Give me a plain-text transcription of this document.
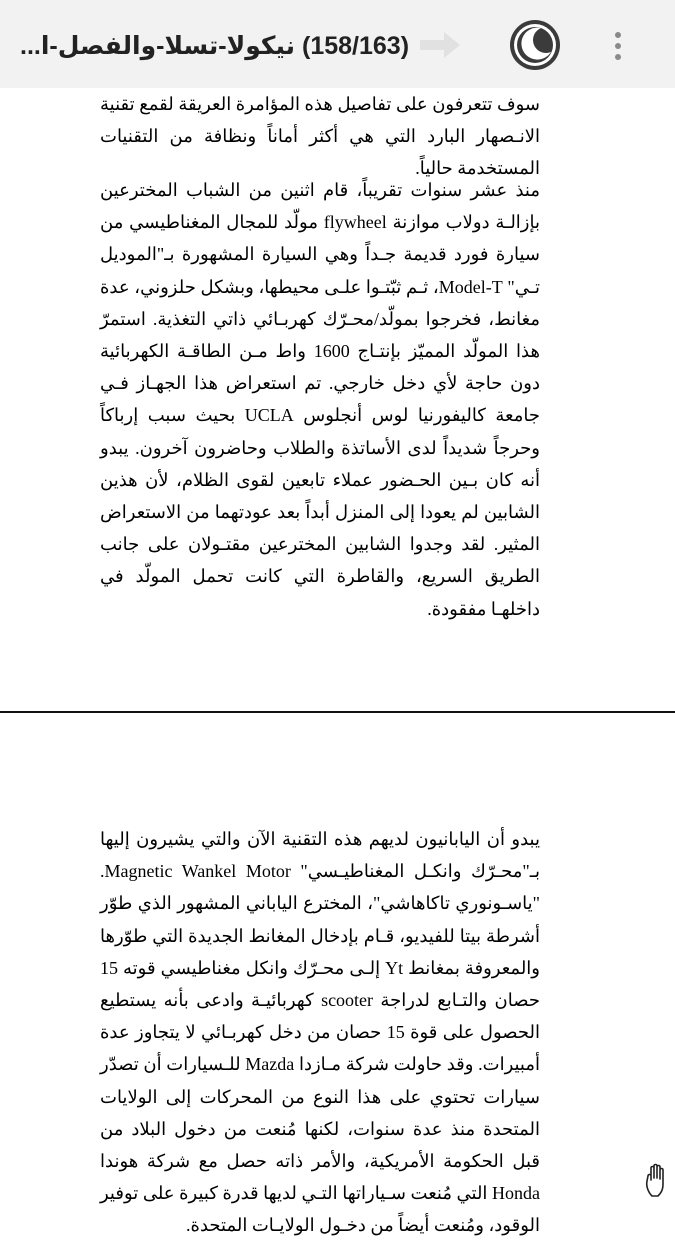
(158/163) نيكولا-تسلا-والفصل-ا...

سوف تتعرفون على تفاصيل هذه المؤامرة العريقة لقمع تقنية الانـصهار البارد التي هي أكثر أماناً ونظافة من التقنيات المستخدمة حالياً.

منذ عشر سنوات تقريباً، قام اثنين من الشباب المخترعين بإزالـة دولاب موازنة flywheel مولّد للمجال المغناطيسي من سيارة فورد قديمة جـداً وهي السيارة المشهورة بـ"الموديل تـي" Model-T، ثـم ثبّتـوا علـى محيطها، وبشكل حلزوني، عدة مغانط، فخرجوا بمولّد/محـرّك كهربـائي ذاتي التغذية. استمرّ هذا المولّد المميّز بإنتـاج 1600 واط مـن الطاقـة الكهربائية دون حاجة لأي دخل خارجي. تم استعراض هذا الجهـاز فـي جامعة كاليفورنيا لوس أنجلوس UCLA بحيث سبب إرباكاً وحرجاً شديداً لدى الأساتذة والطلاب وحاضرون آخرون. يبدو أنه كان بـين الحـضور عملاء تابعين لقوى الظلام، لأن هذين الشابين لم يعودا إلى المنزل أبداً بعد عودتهما من الاستعراض المثير. لقد وجدوا الشابين المخترعين مقتـولان على جانب الطريق السريع، والقاطرة التي كانت تحمل المولّد في داخلهـا مفقودة.

يبدو أن اليابانيون لديهم هذه التقنية الآن والتي يشيرون إليها بـ"محـرّك وانكـل المغناطيـسي" Magnetic Wankel Motor. "ياسـونوري تاكاهاشي"، المخترع الياباني المشهور الذي طوّر أشرطة بيتا للفيديو، قـام بإدخال المغانط الجديدة التي طوّرها والمعروفة بمغانط Yt إلـى محـرّك وانكل مغناطيسي قوته 15 حصان والتـابع لدراجة scooter كهربائيـة وادعى بأنه يستطيع الحصول على قوة 15 حصان من دخل كهربـائي لا يتجاوز عدة أمبيرات. وقد حاولت شركة مـازدا Mazda للـسيارات أن تصدّر سيارات تحتوي على هذا النوع من المحركات إلى الولايات المتحدة منذ عدة سنوات، لكنها مُنعت من دخول البلاد من قبل الحكومة الأمريكية، والأمر ذاته حصل مع شركة هوندا Honda التي مُنعت سـياراتها التـي لديها قدرة كبيرة على توفير الوقود، ومُنعت أيضاً من دخـول الولايـات المتحدة.
